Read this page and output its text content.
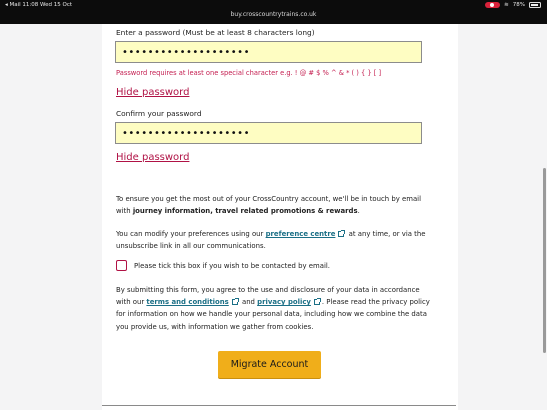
◂ Mail 11:08 Wed 15 Oct
buy.crosscountrytrains.co.uk
≋ 78%
Enter a password (Must be at least 8 characters long)
••••••••••••••••••••
Password requires at least one special character e.g. ! @ # $ % ^ & * ( ) { } [ ]
Hide password
Confirm your password
••••••••••••••••••••
Hide password
To ensure you get the most out of your CrossCountry account, we'll be in touch by email with journey information, travel related promotions & rewards.
You can modify your preferences using our preference centre at any time, or via the unsubscribe link in all our communications.
Please tick this box if you wish to be contacted by email.
By submitting this form, you agree to the use and disclosure of your data in accordance with our terms and conditions and privacy policy . Please read the privacy policy for information on how we handle your personal data, including how we combine the data you provide us, with information we gather from cookies.
Migrate Account
